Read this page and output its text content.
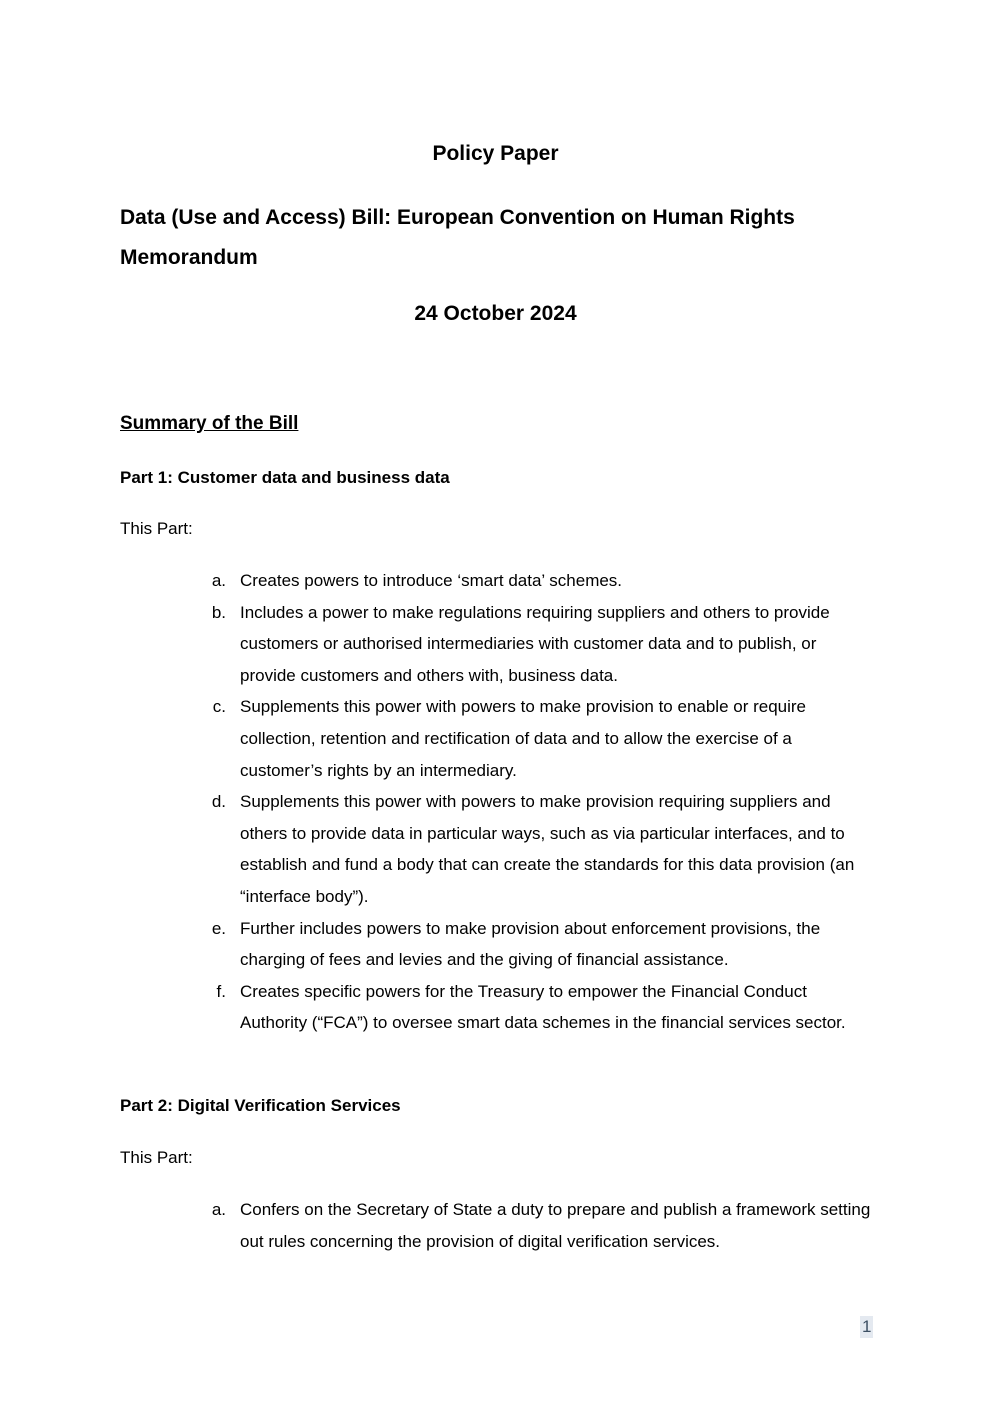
Policy Paper
Data (Use and Access) Bill: European Convention on Human Rights Memorandum
24 October 2024
Summary of the Bill
Part 1: Customer data and business data

This Part:

a. Creates powers to introduce ‘smart data’ schemes.
b. Includes a power to make regulations requiring suppliers and others to provide customers or authorised intermediaries with customer data and to publish, or provide customers and others with, business data.
c. Supplements this power with powers to make provision to enable or require collection, retention and rectification of data and to allow the exercise of a customer’s rights by an intermediary.
d. Supplements this power with powers to make provision requiring suppliers and others to provide data in particular ways, such as via particular interfaces, and to establish and fund a body that can create the standards for this data provision (an “interface body”).
e. Further includes powers to make provision about enforcement provisions, the charging of fees and levies and the giving of financial assistance.
f. Creates specific powers for the Treasury to empower the Financial Conduct Authority (“FCA”) to oversee smart data schemes in the financial services sector.
Part 2: Digital Verification Services

This Part:

a. Confers on the Secretary of State a duty to prepare and publish a framework setting out rules concerning the provision of digital verification services.
1
